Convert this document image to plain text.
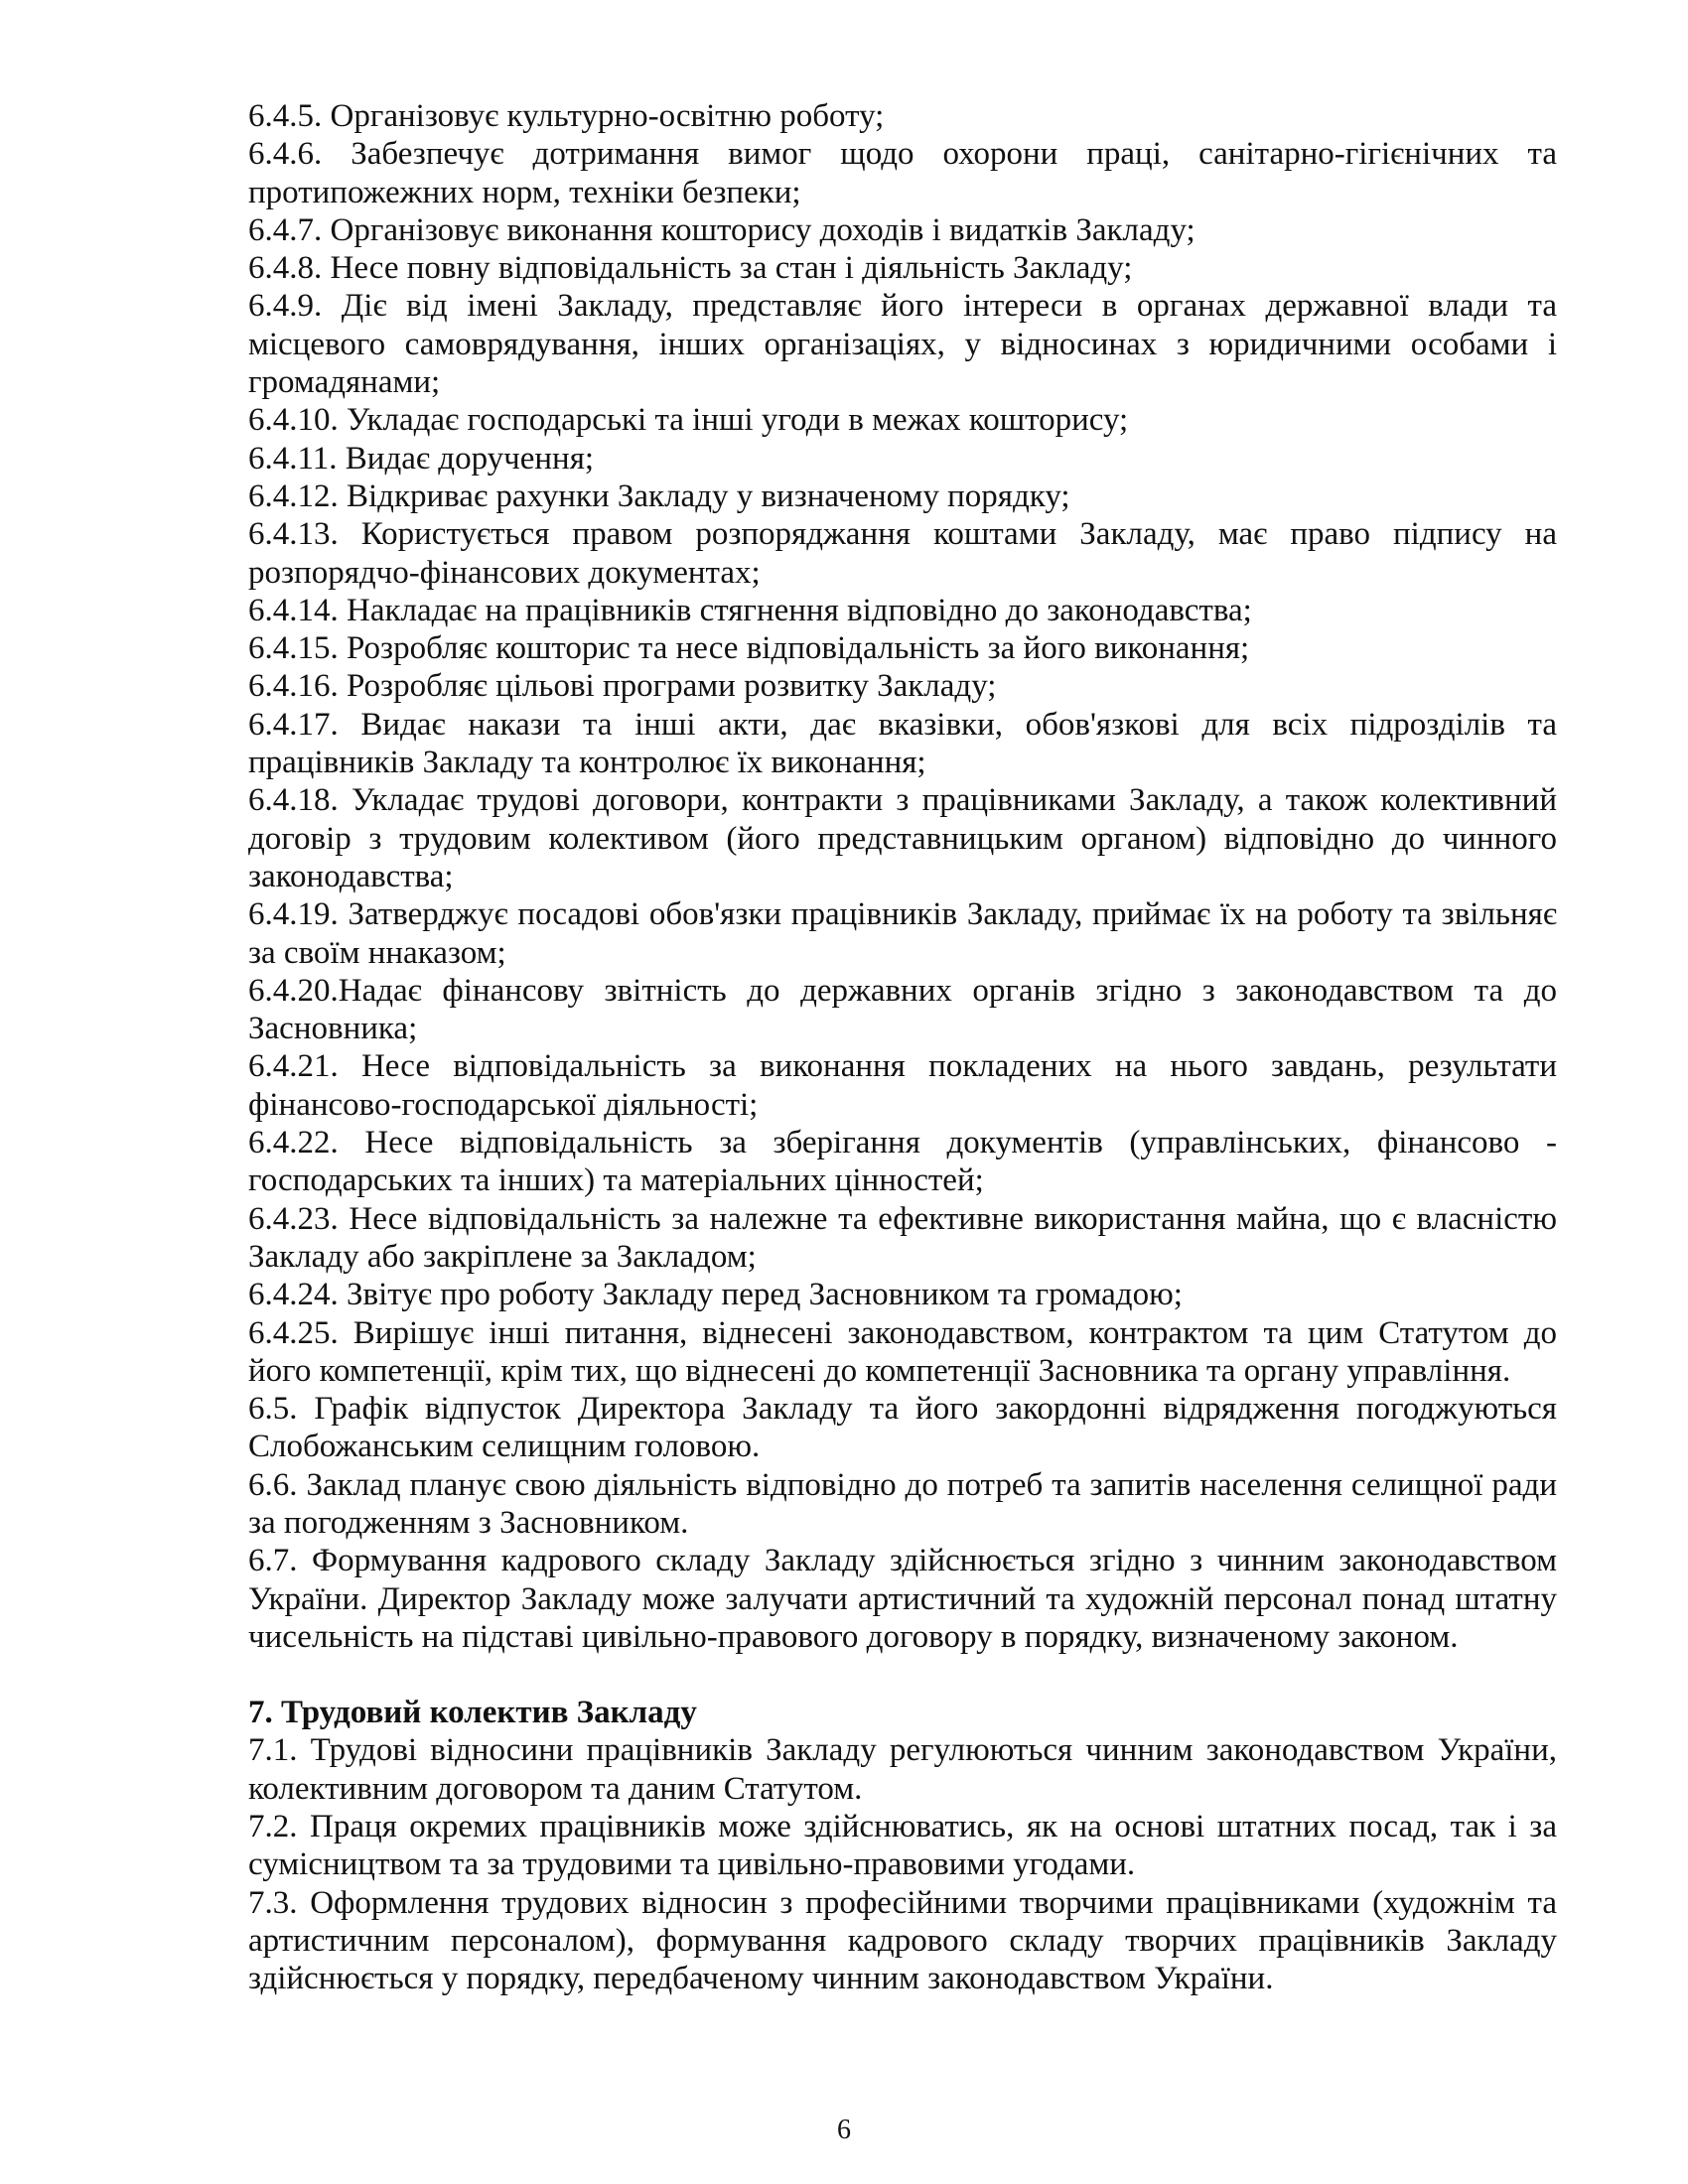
6.4.5. Організовує культурно-освітню роботу;

6.4.6. Забезпечує дотримання вимог щодо охорони праці, санітарно-гігієнічних та протипожежних норм, техніки безпеки;

6.4.7. Організовує виконання кошторису доходів і видатків Закладу;

6.4.8. Несе повну відповідальність за стан і діяльність Закладу;

6.4.9. Діє від імені Закладу, представляє його інтереси в органах державної влади та місцевого самоврядування, інших організаціях, у відносинах з юридичними особами і громадянами;

6.4.10. Укладає господарські та інші угоди в межах кошторису;

6.4.11. Видає доручення;

6.4.12. Відкриває рахунки Закладу у визначеному порядку;

6.4.13. Користується правом розпоряджання коштами Закладу, має право підпису на розпорядчо-фінансових документах;

6.4.14. Накладає на працівників стягнення відповідно до законодавства;

6.4.15. Розробляє кошторис та несе відповідальність за його виконання;

6.4.16. Розробляє цільові програми розвитку Закладу;

6.4.17. Видає накази та інші акти, дає вказівки, обов'язкові для всіх підрозділів та працівників Закладу та контролює їх виконання;

6.4.18. Укладає трудові договори, контракти з працівниками Закладу, а також колективний договір з трудовим колективом (його представницьким органом) відповідно до чинного законодавства;

6.4.19. Затверджує посадові обов'язки працівників Закладу, приймає їх на роботу та звільняє за своїм ннаказом;

6.4.20.Надає фінансову звітність до державних органів згідно з законодавством та до Засновника;

6.4.21. Несе відповідальність за виконання покладених на нього завдань, результати фінансово-господарської діяльності;

6.4.22. Несе відповідальність за зберігання документів (управлінських, фінансово - господарських та інших) та матеріальних цінностей;

6.4.23. Несе відповідальність за належне та ефективне використання майна, що є власністю Закладу або закріплене за Закладом;

6.4.24. Звітує про роботу Закладу перед Засновником та громадою;

6.4.25. Вирішує інші питання, віднесені законодавством, контрактом та цим Статутом до його компетенції, крім тих, що віднесені до компетенції Засновника та органу управління.

6.5. Графік відпусток Директора Закладу та його закордонні відрядження погоджуються Слобожанським селищним головою.

6.6. Заклад планує свою діяльність відповідно до потреб та запитів населення селищної ради за погодженням з Засновником.

6.7. Формування кадрового складу Закладу здійснюється згідно з чинним законодавством України. Директор Закладу може залучати артистичний та художній персонал понад штатну чисельність на підставі цивільно-правового договору в порядку, визначеному законом.

7. Трудовий колектив Закладу

7.1. Трудові відносини працівників Закладу регулюються чинним законодавством України, колективним договором та даним Статутом.

7.2. Праця окремих працівників може здійснюватись, як на основі штатних посад, так і за сумісництвом та за трудовими та цивільно-правовими угодами.

7.3. Оформлення трудових відносин з професійними творчими працівниками (художнім та артистичним персоналом), формування кадрового складу творчих працівників Закладу здійснюється у порядку, передбаченому чинним законодавством України.

6
